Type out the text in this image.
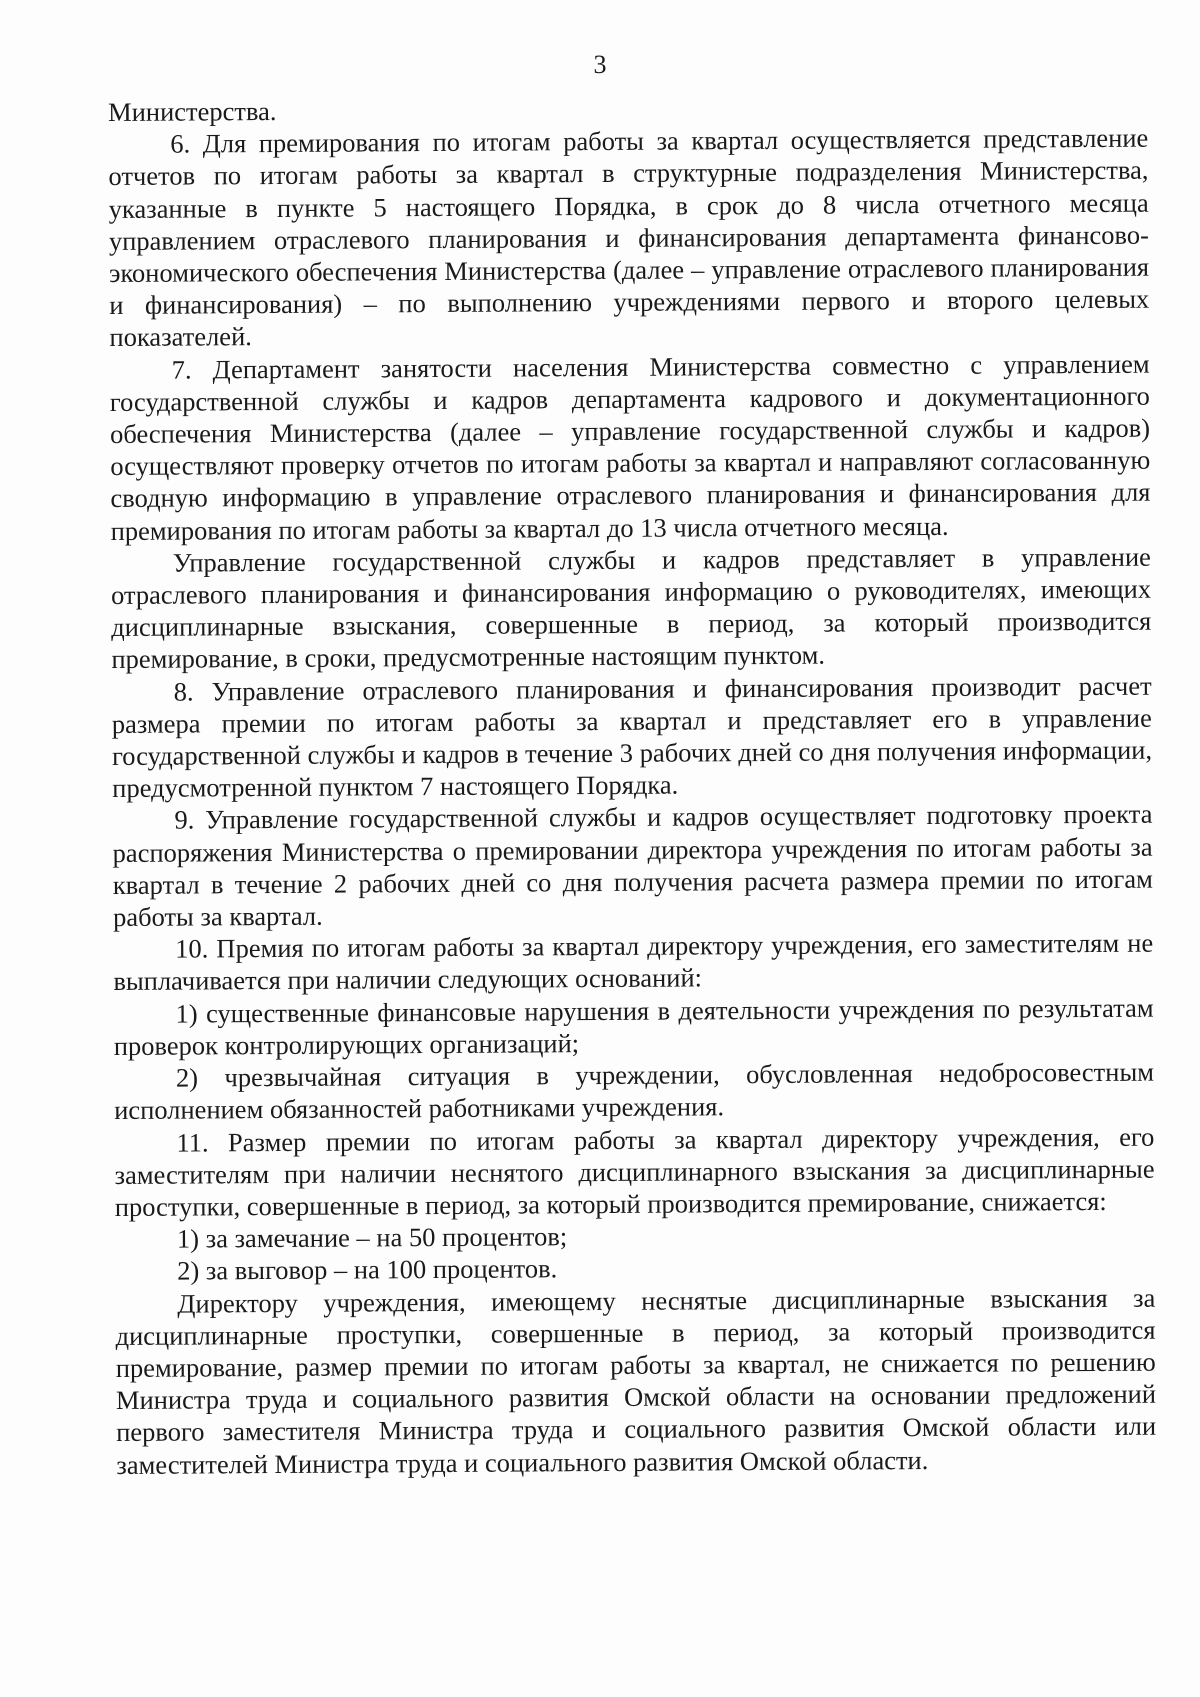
3

Министерства.

6. Для премирования по итогам работы за квартал осуществляется представление отчетов по итогам работы за квартал в структурные подразделения Министерства, указанные в пункте 5 настоящего Порядка, в срок до 8 числа отчетного месяца управлением отраслевого планирования и финансирования департамента финансово-экономического обеспечения Министерства (далее – управление отраслевого планирования и финансирования) – по выполнению учреждениями первого и второго целевых показателей.

7. Департамент занятости населения Министерства совместно с управлением государственной службы и кадров департамента кадрового и документационного обеспечения Министерства (далее – управление государственной службы и кадров) осуществляют проверку отчетов по итогам работы за квартал и направляют согласованную сводную информацию в управление отраслевого планирования и финансирования для премирования по итогам работы за квартал до 13 числа отчетного месяца.

Управление государственной службы и кадров представляет в управление отраслевого планирования и финансирования информацию о руководителях, имеющих дисциплинарные взыскания, совершенные в период, за который производится премирование, в сроки, предусмотренные настоящим пунктом.

8. Управление отраслевого планирования и финансирования производит расчет размера премии по итогам работы за квартал и представляет его в управление государственной службы и кадров в течение 3 рабочих дней со дня получения информации, предусмотренной пунктом 7 настоящего Порядка.

9. Управление государственной службы и кадров осуществляет подготовку проекта распоряжения Министерства о премировании директора учреждения по итогам работы за квартал в течение 2 рабочих дней со дня получения расчета размера премии по итогам работы за квартал.

10. Премия по итогам работы за квартал директору учреждения, его заместителям не выплачивается при наличии следующих оснований:

1) существенные финансовые нарушения в деятельности учреждения по результатам проверок контролирующих организаций;

2) чрезвычайная ситуация в учреждении, обусловленная недобросовестным исполнением обязанностей работниками учреждения.

11. Размер премии по итогам работы за квартал директору учреждения, его заместителям при наличии неснятого дисциплинарного взыскания за дисциплинарные проступки, совершенные в период, за который производится премирование, снижается:

1) за замечание – на 50 процентов;

2) за выговор – на 100 процентов.

Директору учреждения, имеющему неснятые дисциплинарные взыскания за дисциплинарные проступки, совершенные в период, за который производится премирование, размер премии по итогам работы за квартал, не снижается по решению Министра труда и социального развития Омской области на основании предложений первого заместителя Министра труда и социального развития Омской области или заместителей Министра труда и социального развития Омской области.
